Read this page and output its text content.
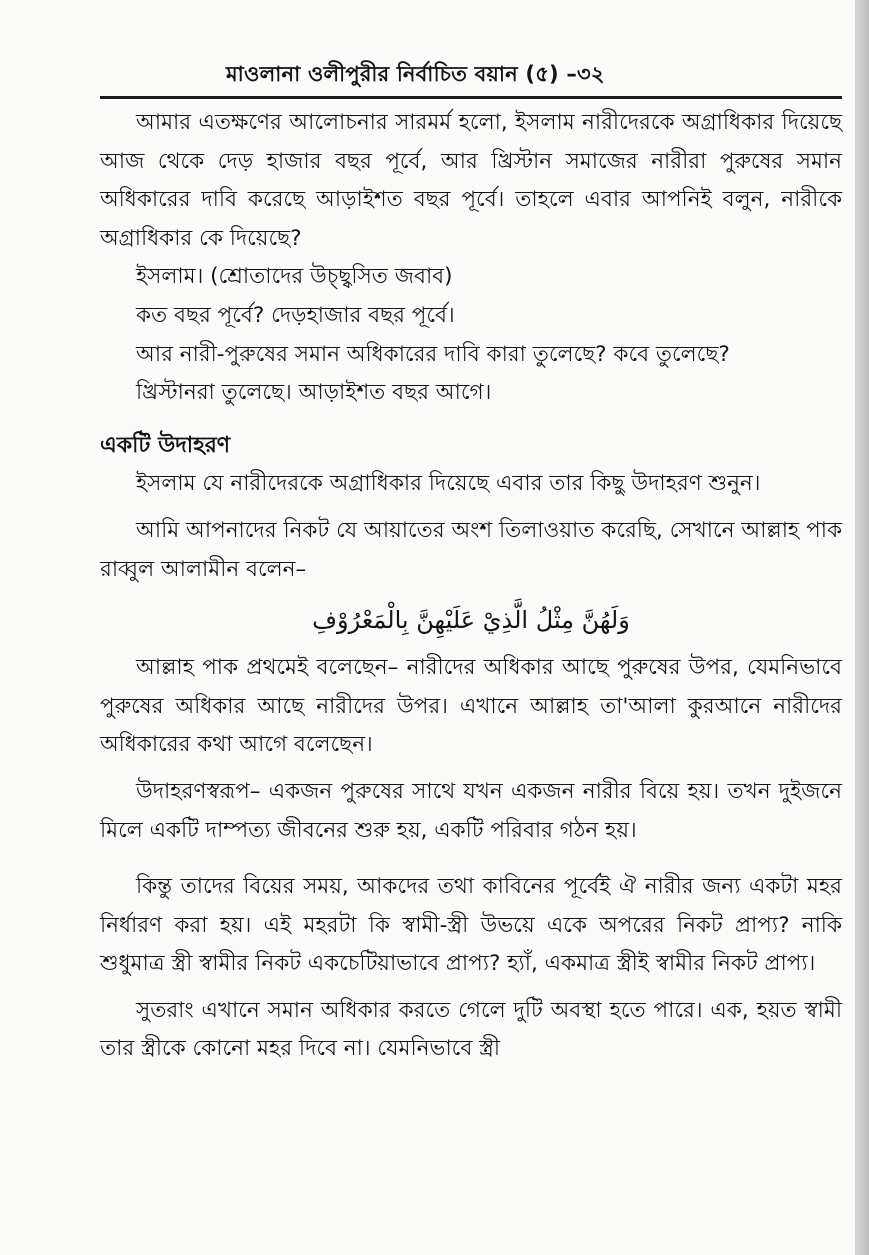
মাওলানা ওলীপুরীর নির্বাচিত বয়ান (৫) –৩২

আমার এতক্ষণের আলোচনার সারমর্ম হলো, ইসলাম নারীদেরকে অগ্রাধিকার দিয়েছে আজ থেকে দেড় হাজার বছর পূর্বে, আর খ্রিস্টান সমাজের নারীরা পুরুষের সমান অধিকারের দাবি করেছে আড়াইশত বছর পূর্বে। তাহলে এবার আপনিই বলুন, নারীকে অগ্রাধিকার কে দিয়েছে?

ইসলাম। (শ্রোতাদের উচ্ছ্বসিত জবাব)

কত বছর পূর্বে? দেড়হাজার বছর পূর্বে।

আর নারী-পুরুষের সমান অধিকারের দাবি কারা তুলেছে? কবে তুলেছে?

খ্রিস্টানরা তুলেছে। আড়াইশত বছর আগে।

একটি উদাহরণ

ইসলাম যে নারীদেরকে অগ্রাধিকার দিয়েছে এবার তার কিছু উদাহরণ শুনুন।

আমি আপনাদের নিকট যে আয়াতের অংশ তিলাওয়াত করেছি, সেখানে আল্লাহ পাক রাব্বুল আলামীন বলেন–

وَلَهُنَّ مِثْلُ الَّذِيْ عَلَيْهِنَّ بِالْمَعْرُوْفِ

আল্লাহ পাক প্রথমেই বলেছেন– নারীদের অধিকার আছে পুরুষের উপর, যেমনিভাবে পুরুষের অধিকার আছে নারীদের উপর। এখানে আল্লাহ তা'আলা কুরআনে নারীদের অধিকারের কথা আগে বলেছেন।

উদাহরণস্বরূপ– একজন পুরুষের সাথে যখন একজন নারীর বিয়ে হয়। তখন দুইজনে মিলে একটি দাম্পত্য জীবনের শুরু হয়, একটি পরিবার গঠন হয়।

কিন্তু তাদের বিয়ের সময়, আকদের তথা কাবিনের পূর্বেই ঐ নারীর জন্য একটা মহর নির্ধারণ করা হয়। এই মহরটা কি স্বামী-স্ত্রী উভয়ে একে অপরের নিকট প্রাপ্য? নাকি শুধুমাত্র স্ত্রী স্বামীর নিকট একচেটিয়াভাবে প্রাপ্য? হ্যাঁ, একমাত্র স্ত্রীই স্বামীর নিকট প্রাপ্য।

সুতরাং এখানে সমান অধিকার করতে গেলে দুটি অবস্থা হতে পারে। এক, হয়ত স্বামী তার স্ত্রীকে কোনো মহর দিবে না। যেমনিভাবে স্ত্রী
